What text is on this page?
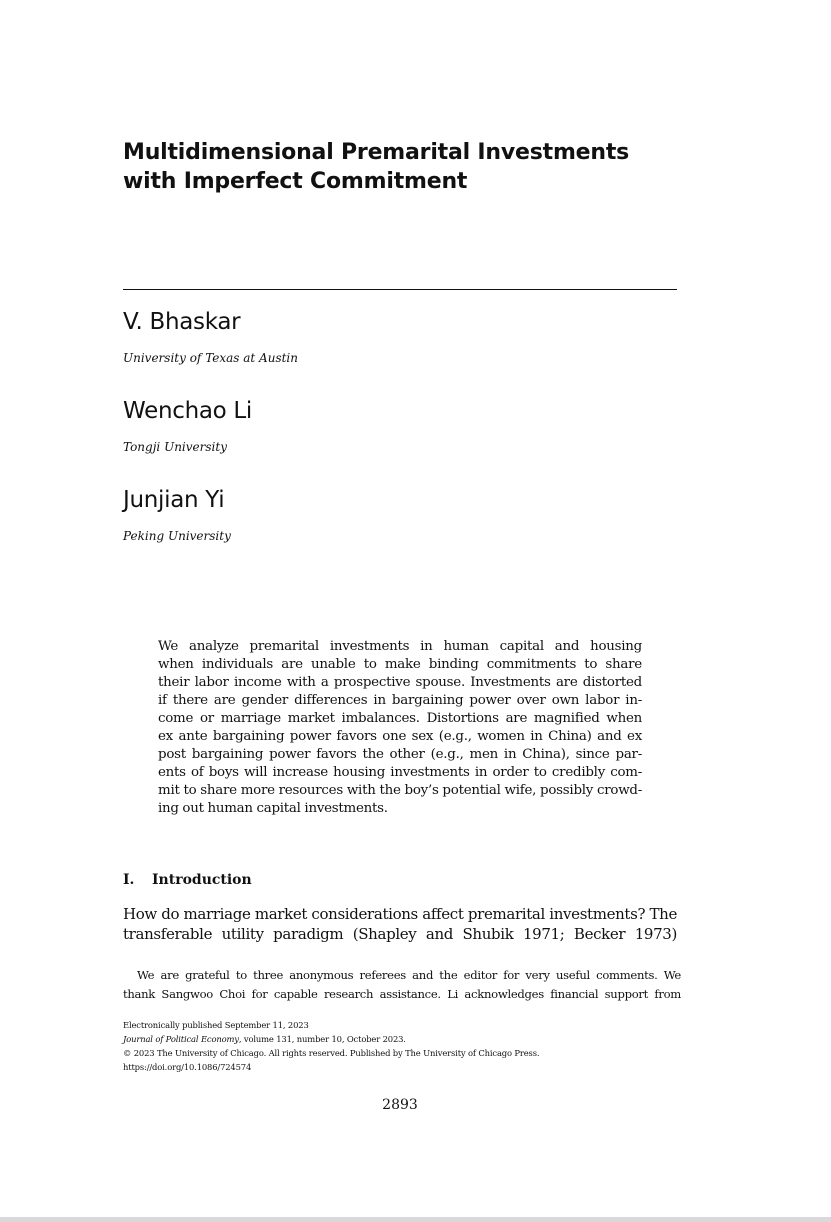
Multidimensional Premarital Investments
with Imperfect Commitment
V. Bhaskar
University of Texas at Austin
Wenchao Li
Tongji University
Junjian Yi
Peking University
We analyze premarital investments in human capital and housing
when individuals are unable to make binding commitments to share
their labor income with a prospective spouse. Investments are distorted
if there are gender differences in bargaining power over own labor in-
come or marriage market imbalances. Distortions are magnified when
ex ante bargaining power favors one sex (e.g., women in China) and ex
post bargaining power favors the other (e.g., men in China), since par-
ents of boys will increase housing investments in order to credibly com-
mit to share more resources with the boy’s potential wife, possibly crowd-
ing out human capital investments.
I. Introduction
How do marriage market considerations affect premarital investments? The
transferable utility paradigm (Shapley and Shubik 1971; Becker 1973)
We are grateful to three anonymous referees and the editor for very useful comments. We
thank Sangwoo Choi for capable research assistance. Li acknowledges financial support from
Electronically published September 11, 2023
Journal of Political Economy, volume 131, number 10, October 2023.
© 2023 The University of Chicago. All rights reserved. Published by The University of Chicago Press.
https://doi.org/10.1086/724574
2893
